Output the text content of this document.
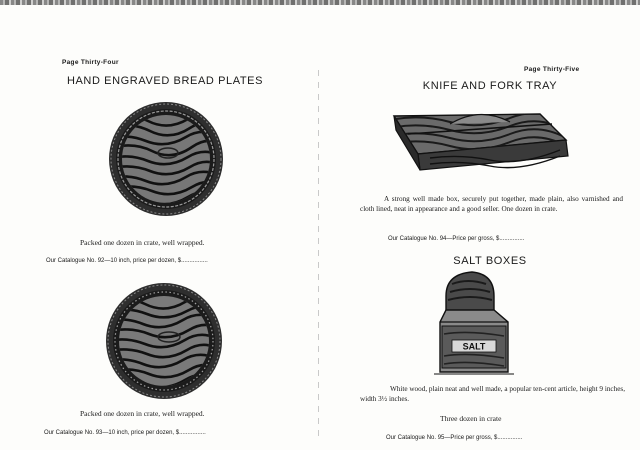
Page Thirty-Four
HAND ENGRAVED BREAD PLATES
Packed one dozen in crate, well wrapped.
Our Catalogue No. 92—10 inch, price per dozen, $................
Packed one dozen in crate, well wrapped.
Our Catalogue No. 93—10 inch, price per dozen, $................
Page Thirty-Five
KNIFE AND FORK TRAY
A strong well made box, securely put together, made plain, also varnished and cloth lined, neat in appearance and a good seller. One dozen in crate.
Our Catalogue No. 94—Price per gross, $...............
SALT BOXES
SALT
White wood, plain neat and well made, a popular ten-cent article, height 9 inches, width 3½ inches.
Three dozen in crate
Our Catalogue No. 95—Price per gross, $...............
